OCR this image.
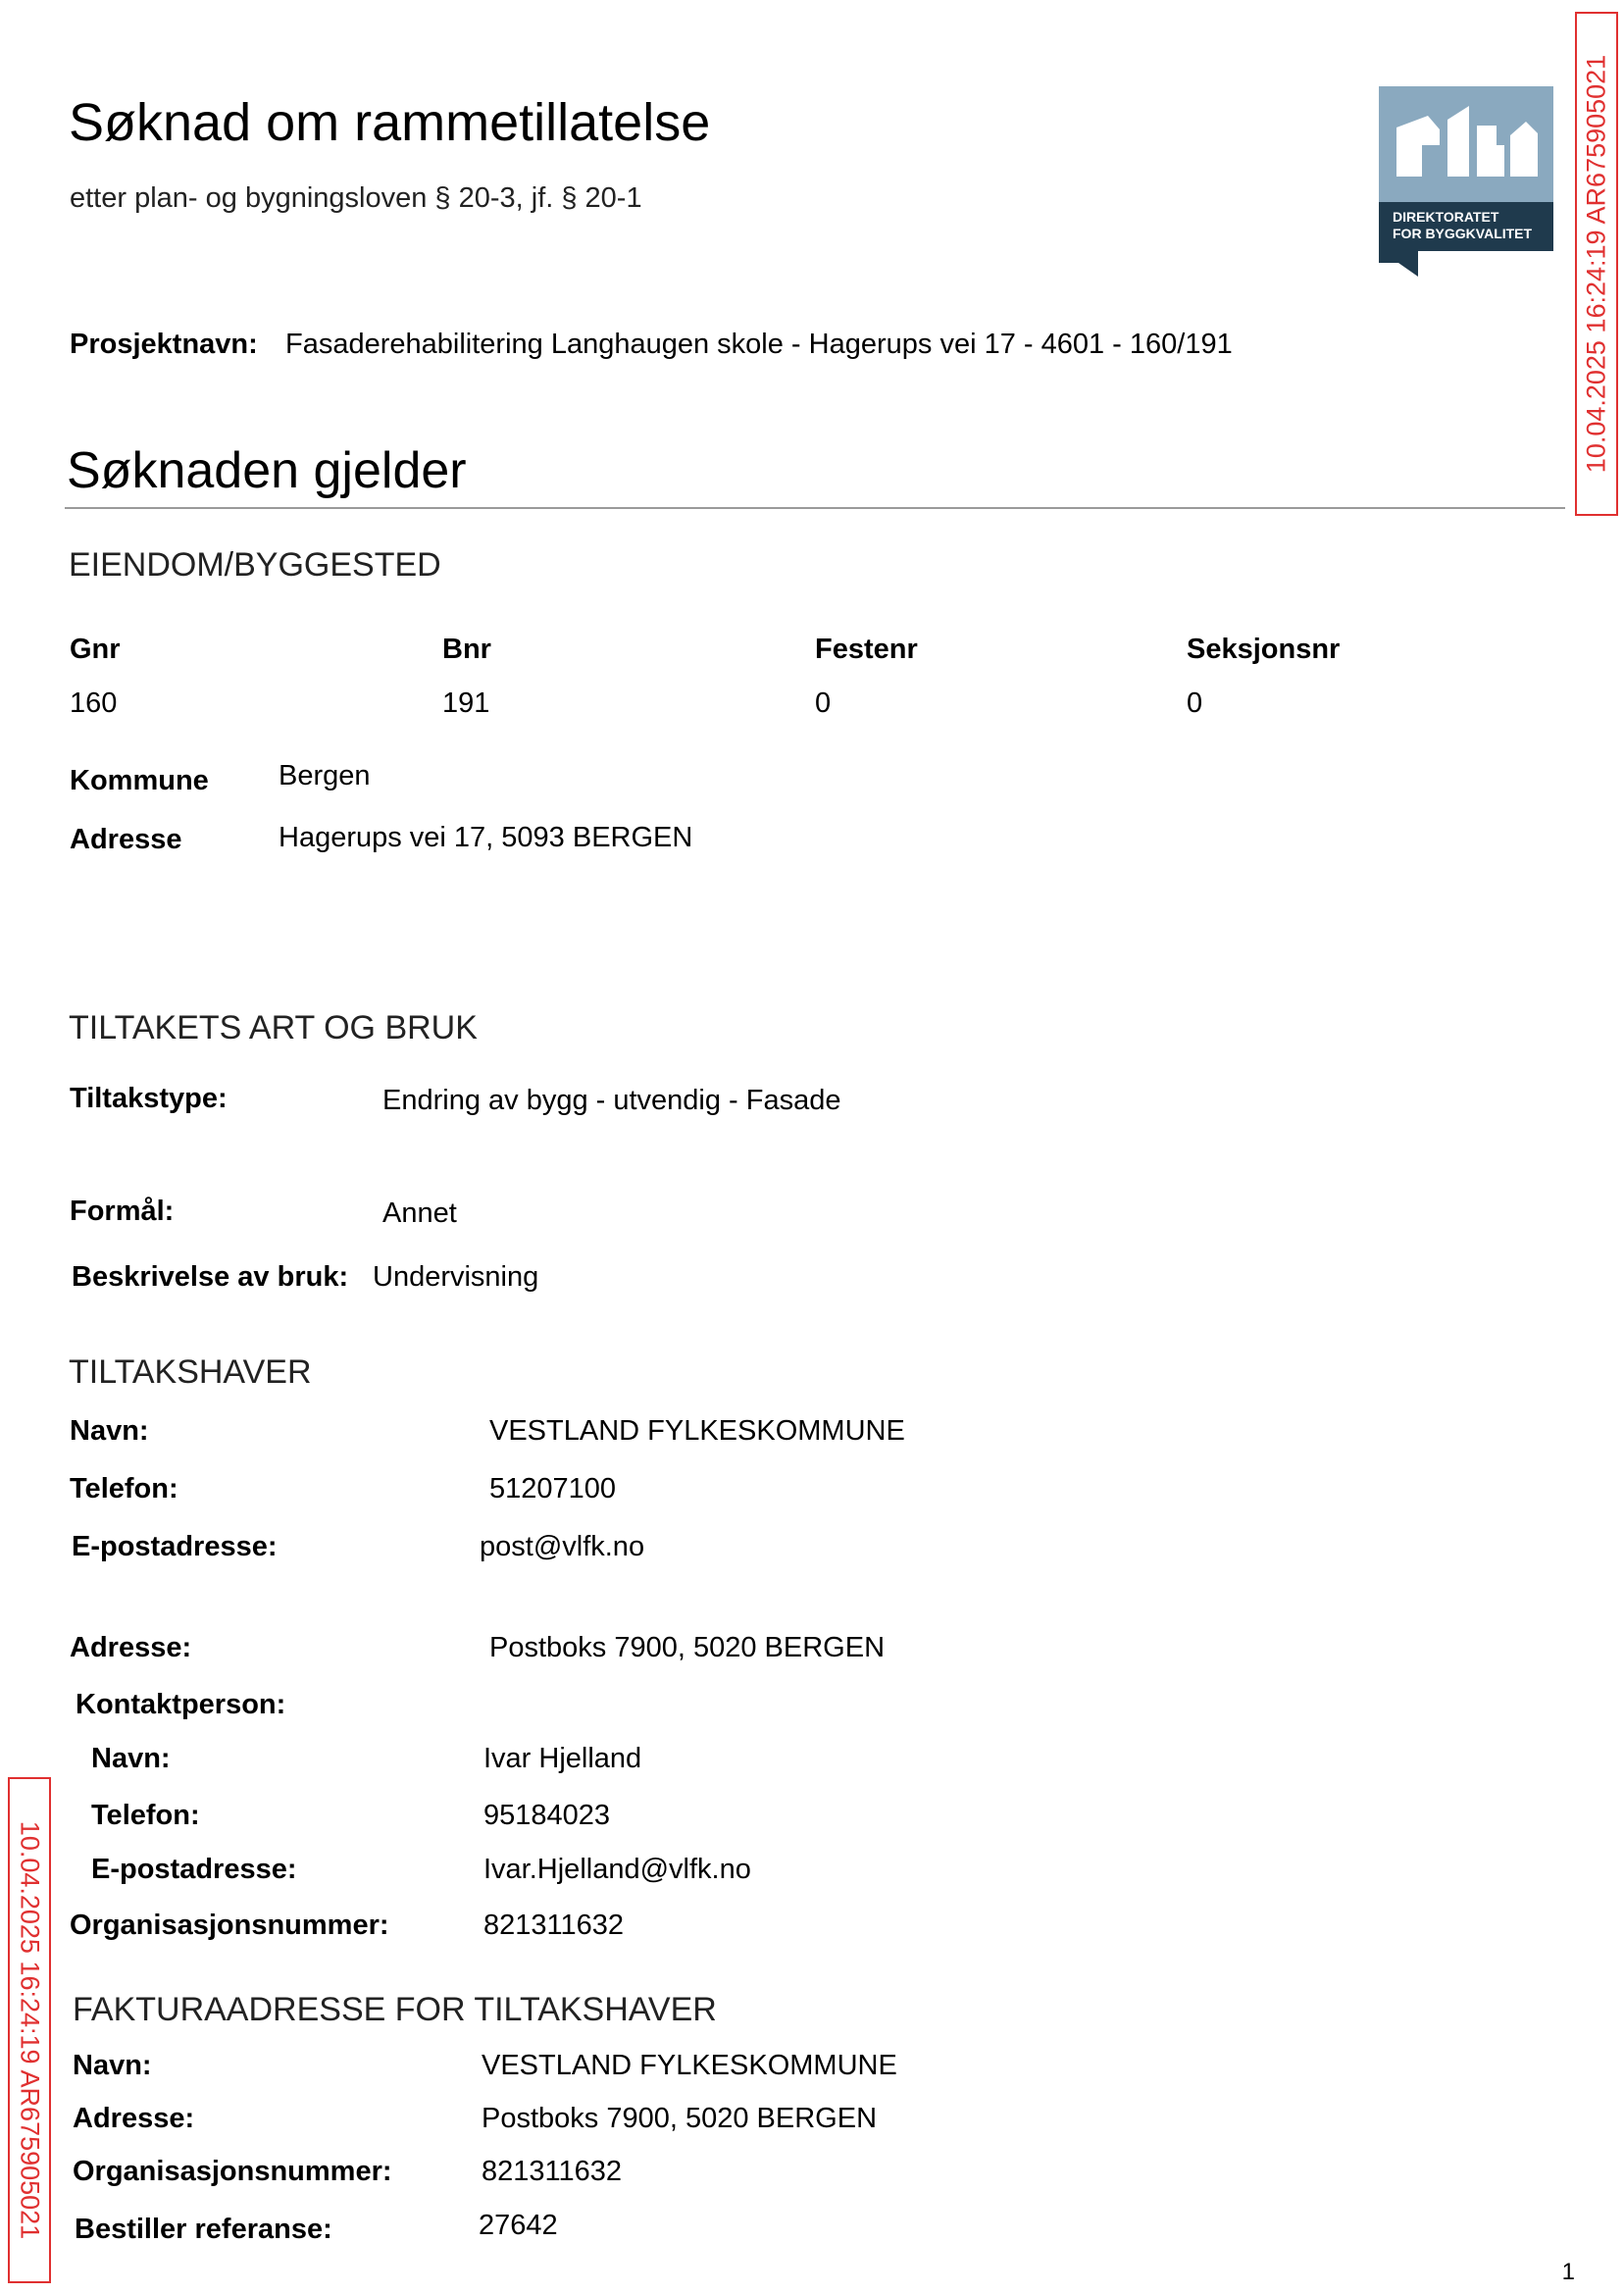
Søknad om rammetillatelse
etter plan- og bygningsloven § 20-3, jf. § 20-1
DIREKTORATET
FOR BYGGKVALITET 10.04.2025 16:24:19 AR675905021
10.04.2025 16:24:19 AR675905021
Prosjektnavn: Fasaderehabilitering Langhaugen skole - Hagerups vei 17 - 4601 - 160/191
Søknaden gjelder
EIENDOM/BYGGESTED
Gnr	Bnr	Festenr	Seksjonsnr
160	191	0	0
Kommune Bergen
Adresse	Hagerups vei 17, 5093 BERGEN
TILTAKETS ART OG BRUK
Tiltakstype:	Endring av bygg - utvendig - Fasade
Formål:	Annet
Beskrivelse av bruk: Undervisning
TILTAKSHAVER
Navn:	VESTLAND FYLKESKOMMUNE
Telefon:	51207100
E-postadresse:	post@vlfk.no
Adresse:	Postboks 7900, 5020 BERGEN
Kontaktperson:
Navn:	Ivar Hjelland
Telefon:	95184023
E-postadresse:	Ivar.Hjelland@vlfk.no
Organisasjonsnummer:	821311632
FAKTURAADRESSE FOR TILTAKSHAVER
Navn:	VESTLAND FYLKESKOMMUNE
Adresse:	Postboks 7900, 5020 BERGEN
Organisasjonsnummer:	821311632
Bestiller referanse:	27642
1
